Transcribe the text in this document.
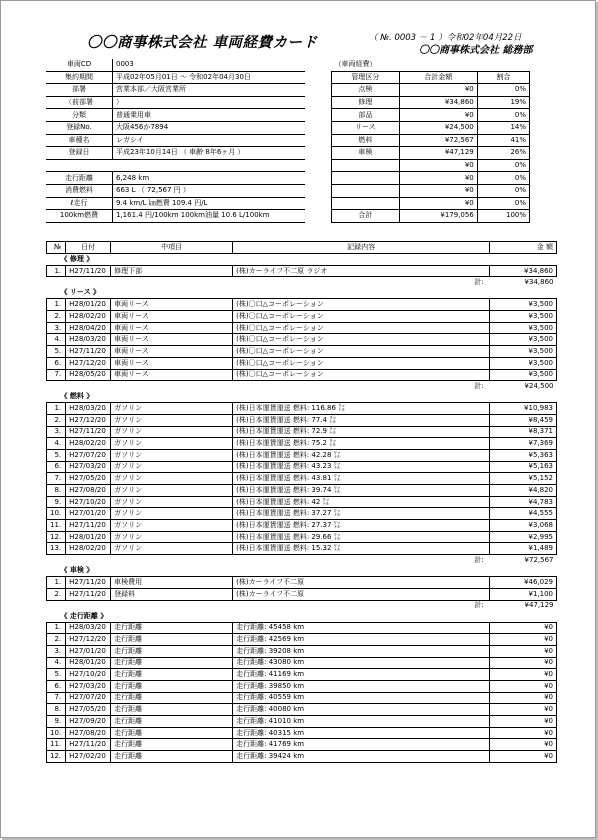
〇〇商事株式会社 車両経費カード	（ №. 0003 － 1 ）令和02年04月22日
〇〇商事株式会社 総務部
車両CD	0003
集約期間	平成02年05月01日 ～ 令和02年04月30日
部署	営業本部／大阪営業所
（前部署	）
分類	普通乗用車
登録No.	大阪456か7894
車種名	レガシイ
登録日	平成23年10月14日 （ 車齢 8年6ヶ月 ）

走行距離	6,248 km
消費燃料	663 L （ 72,567 円 ）
ℓ走行	9.4 km/L ㎞燃費 109.4 円/L
100km燃費	1,161.4 円/100km 100km油量 10.6 L/100km
（車両経費）		
管理区分	合計金額	割合
点検	¥0	0%
修理	¥34,860	19%
部品	¥0	0%
リース	¥24,500	14%
燃料	¥72,567	41%
車検	¥47,129	26%
	¥0	0%
	¥0	0%
	¥0	0%
	¥0	0%
合計	¥179,056	100%
№	日付	中項目	記録内容	金 額
《 修理 》				
1.	H27/11/20	修理下部	(株)カーライフ不二原 ラジオ	¥34,860
計:				¥34,860
《 リース 》				
1.	H28/01/20	車両リース	(株)〇口△コーポレーション	¥3,500
2.	H28/02/20	車両リース	(株)〇口△コーポレーション	¥3,500
3.	H28/04/20	車両リース	(株)〇口△コーポレーション	¥3,500
4.	H28/03/20	車両リース	(株)〇口△コーポレーション	¥3,500
5.	H27/11/20	車両リース	(株)〇口△コーポレーション	¥3,500
6.	H27/12/20	車両リース	(株)〇口△コーポレーション	¥3,500
7.	H28/05/20	車両リース	(株)〇口△コーポレーション	¥3,500
計:				¥24,500
《 燃料 》				
1.	H28/03/20	ガソリン	(株)日本運賃運送 燃料: 116.86 ㍑	¥10,983
2.	H27/12/20	ガソリン	(株)日本運賃運送 燃料: 77.4 ㍑	¥8,459
3.	H27/11/20	ガソリン	(株)日本運賃運送 燃料: 72.9 ㍑	¥8,371
4.	H28/02/20	ガソリン	(株)日本運賃運送 燃料: 75.2 ㍑	¥7,369
5.	H27/07/20	ガソリン	(株)日本運賃運送 燃料: 42.28 ㍑	¥5,363
6.	H27/03/20	ガソリン	(株)日本運賃運送 燃料: 43.23 ㍑	¥5,163
7.	H27/05/20	ガソリン	(株)日本運賃運送 燃料: 43.81 ㍑	¥5,152
8.	H27/08/20	ガソリン	(株)日本運賃運送 燃料: 39.74 ㍑	¥4,820
9.	H27/10/20	ガソリン	(株)日本運賃運送 燃料: 42 ㍑	¥4,783
10.	H27/01/20	ガソリン	(株)日本運賃運送 燃料: 37.27 ㍑	¥4,555
11.	H27/11/20	ガソリン	(株)日本運賃運送 燃料: 27.37 ㍑	¥3,068
12.	H28/01/20	ガソリン	(株)日本運賃運送 燃料: 29.66 ㍑	¥2,995
13.	H28/02/20	ガソリン	(株)日本運賃運送 燃料: 15.32 ㍑	¥1,489
計:				¥72,567
《 車検 》				
1.	H27/11/20	車検費用	(株)カーライフ不二原	¥46,029
2.	H27/11/20	登録料	(株)カーライフ不二原	¥1,100
計:				¥47,129
《 走行距離 》				
1.	H28/03/20	走行距離	走行距離: 45458 km	¥0
2.	H27/12/20	走行距離	走行距離: 42569 km	¥0
3.	H27/01/20	走行距離	走行距離: 39208 km	¥0
4.	H28/01/20	走行距離	走行距離: 43080 km	¥0
5.	H27/10/20	走行距離	走行距離: 41169 km	¥0
6.	H27/03/20	走行距離	走行距離: 39850 km	¥0
7.	H27/07/20	走行距離	走行距離: 40559 km	¥0
8.	H27/05/20	走行距離	走行距離: 40080 km	¥0
9.	H27/09/20	走行距離	走行距離: 41010 km	¥0
10.	H27/08/20	走行距離	走行距離: 40315 km	¥0
11.	H27/11/20	走行距離	走行距離: 41769 km	¥0
12.	H27/02/20	走行距離	走行距離: 39424 km	¥0
